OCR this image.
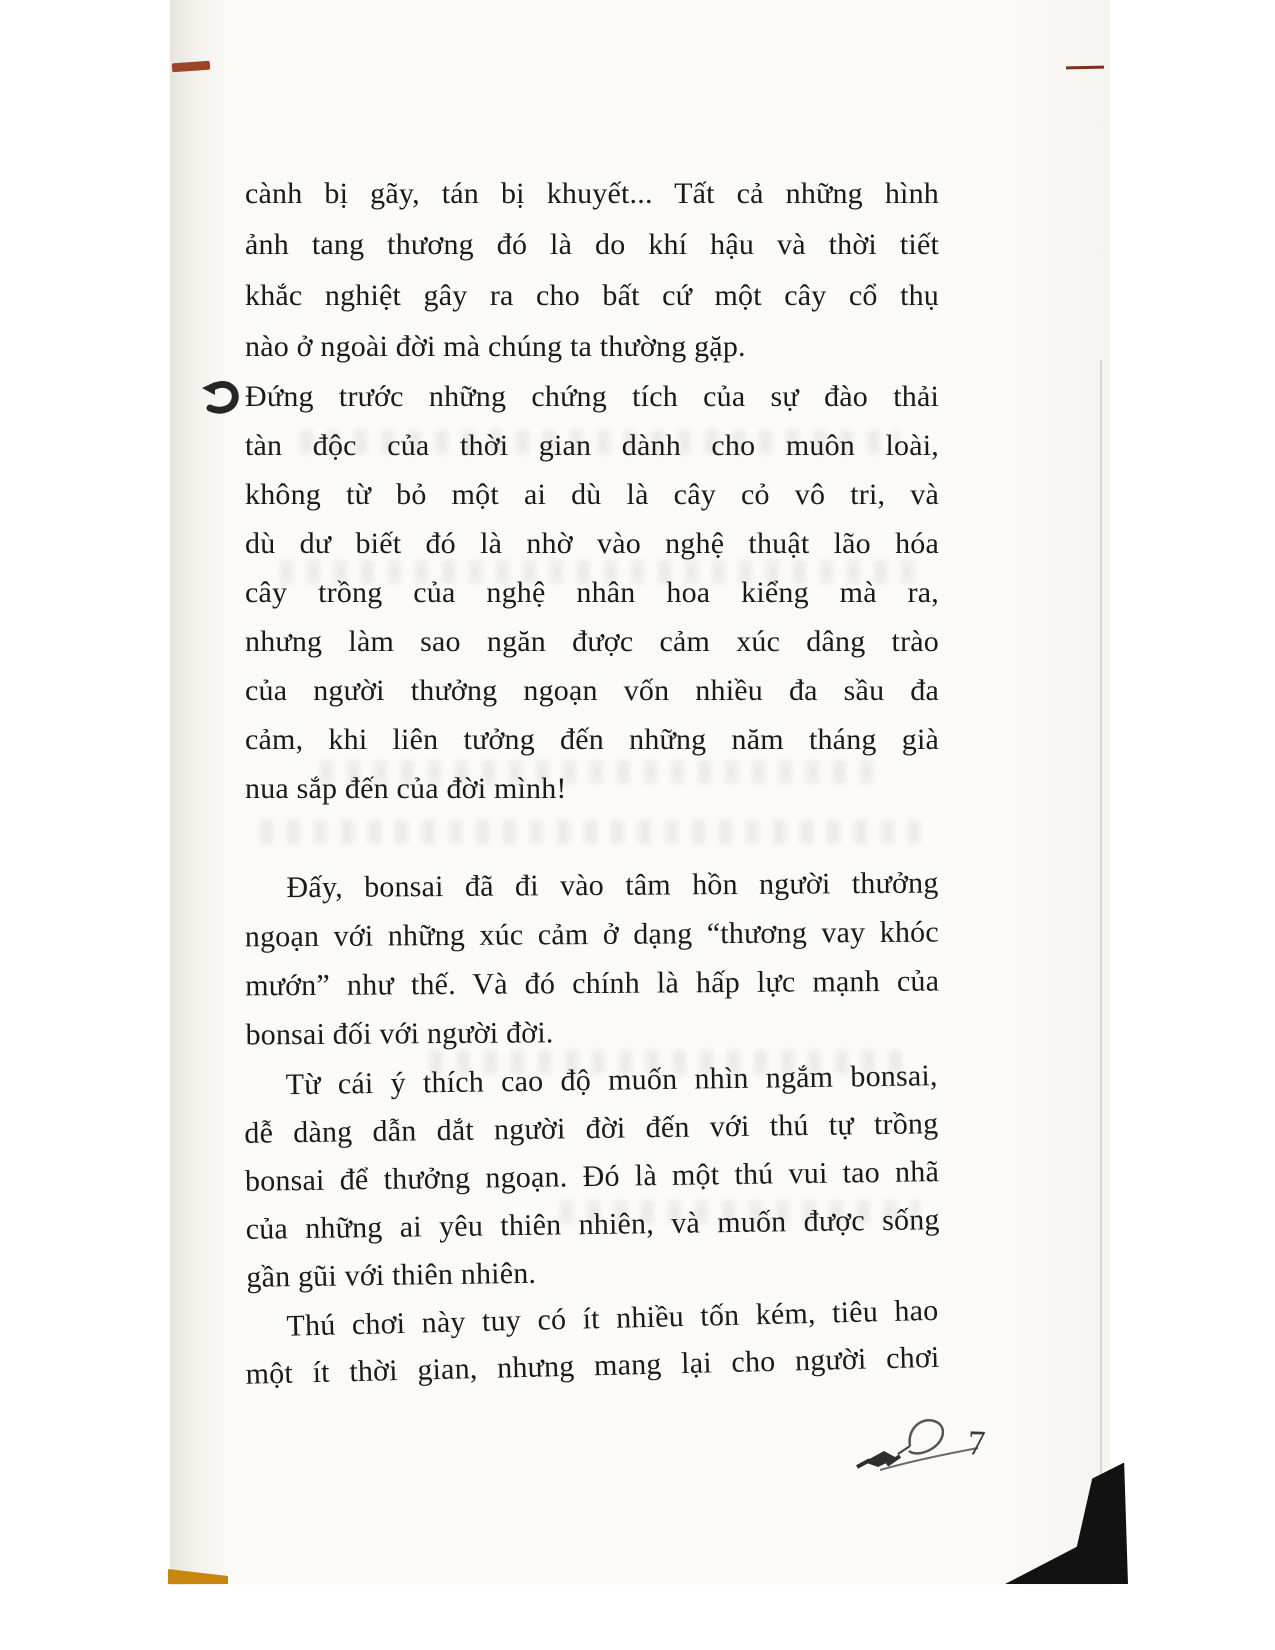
cành bị gãy, tán bị khuyết... Tất cả những hình
ảnh tang thương đó là do khí hậu và thời tiết
khắc nghiệt gây ra cho bất cứ một cây cổ thụ
nào ở ngoài đời mà chúng ta thường gặp.
Đứng trước những chứng tích của sự đào thải
tàn độc của thời gian dành cho muôn loài,
không từ bỏ một ai dù là cây cỏ vô tri, và
dù dư biết đó là nhờ vào nghệ thuật lão hóa
cây trồng của nghệ nhân hoa kiểng mà ra,
nhưng làm sao ngăn được cảm xúc dâng trào
của người thưởng ngoạn vốn nhiều đa sầu đa
cảm, khi liên tưởng đến những năm tháng già
nua sắp đến của đời mình!
Đấy, bonsai đã đi vào tâm hồn người thưởng
ngoạn với những xúc cảm ở dạng “thương vay khóc
mướn” như thế. Và đó chính là hấp lực mạnh của
bonsai đối với người đời.
Từ cái ý thích cao độ muốn nhìn ngắm bonsai,
dễ dàng dẫn dắt người đời đến với thú tự trồng
bonsai để thưởng ngoạn. Đó là một thú vui tao nhã
của những ai yêu thiên nhiên, và muốn được sống
gần gũi với thiên nhiên.
Thú chơi này tuy có ít nhiều tốn kém, tiêu hao
một ít thời gian, nhưng mang lại cho người chơi
7
